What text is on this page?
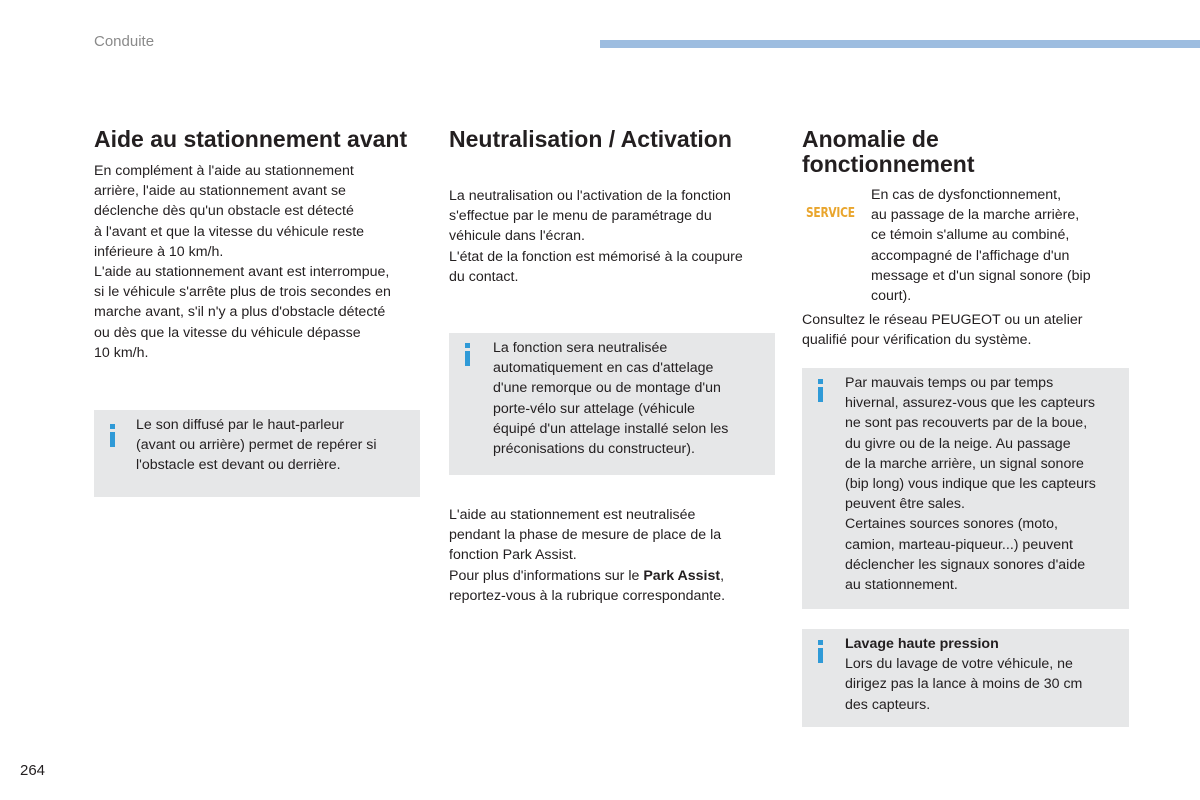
Conduite
Aide au stationnement avant

En complément à l'aide au stationnement
arrière, l'aide au stationnement avant se
déclenche dès qu'un obstacle est détecté
à l'avant et que la vitesse du véhicule reste
inférieure à 10 km/h.
L'aide au stationnement avant est interrompue,
si le véhicule s'arrête plus de trois secondes en
marche avant, s'il n'y a plus d'obstacle détecté
ou dès que la vitesse du véhicule dépasse
10 km/h.

Le son diffusé par le haut-parleur
(avant ou arrière) permet de repérer si
l'obstacle est devant ou derrière.

Neutralisation / Activation

La neutralisation ou l'activation de la fonction
s'effectue par le menu de paramétrage du
véhicule dans l'écran.
L'état de la fonction est mémorisé à la coupure
du contact.

La fonction sera neutralisée
automatiquement en cas d'attelage
d'une remorque ou de montage d'un
porte-vélo sur attelage (véhicule
équipé d'un attelage installé selon les
préconisations du constructeur).

L'aide au stationnement est neutralisée
pendant la phase de mesure de place de la
fonction Park Assist.
Pour plus d'informations sur le Park Assist,
reportez-vous à la rubrique correspondante.

Anomalie de
fonctionnement
SERVICE

En cas de dysfonctionnement,
au passage de la marche arrière,
ce témoin s'allume au combiné,
accompagné de l'affichage d'un
message et d'un signal sonore (bip
court).

Consultez le réseau PEUGEOT ou un atelier
qualifié pour vérification du système.

Par mauvais temps ou par temps
hivernal, assurez-vous que les capteurs
ne sont pas recouverts par de la boue,
du givre ou de la neige. Au passage
de la marche arrière, un signal sonore
(bip long) vous indique que les capteurs
peuvent être sales.
Certaines sources sonores (moto,
camion, marteau-piqueur...) peuvent
déclencher les signaux sonores d'aide
au stationnement.

Lavage haute pression
Lors du lavage de votre véhicule, ne
dirigez pas la lance à moins de 30 cm
des capteurs.

264
